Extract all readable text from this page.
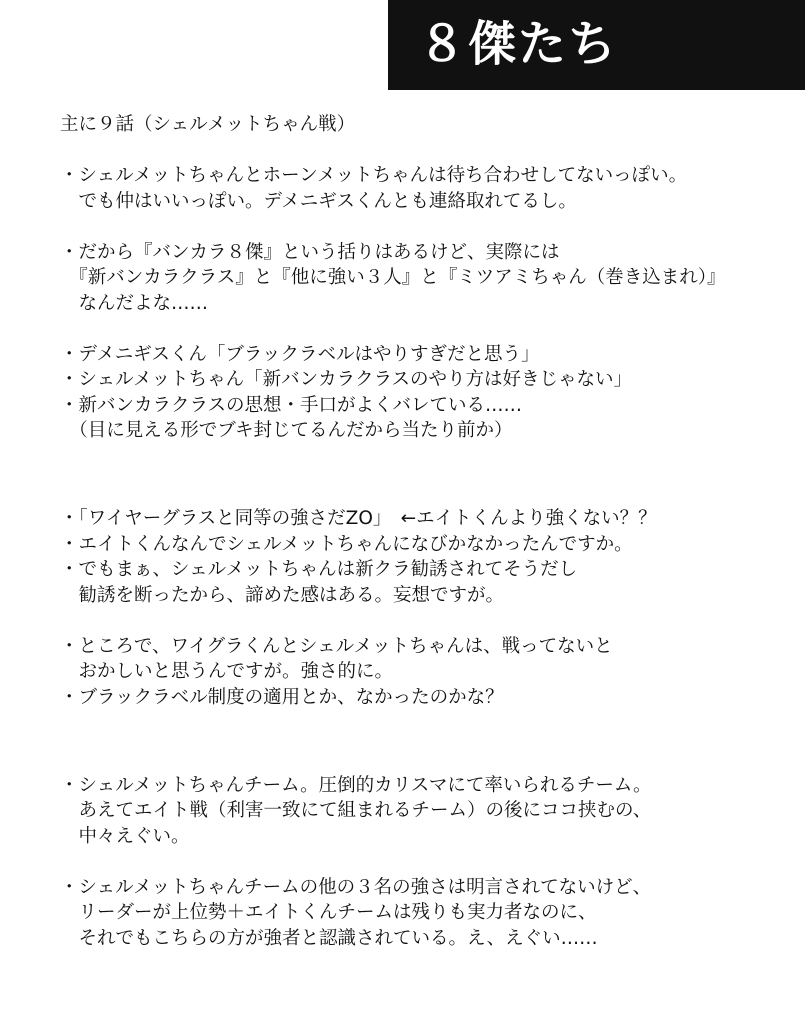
８傑たち
主に９話（シェルメットちゃん戦）
・シェルメットちゃんとホーンメットちゃんは待ち合わせしてないっぽい。
　でも仲はいいっぽい。デメニギスくんとも連絡取れてるし。
・だから『バンカラ８傑』という括りはあるけど、実際には
　『新バンカラクラス』と『他に強い３人』と『ミツアミちゃん（巻き込まれ）』
　なんだよな……
・デメニギスくん「ブラックラベルはやりすぎだと思う」
・シェルメットちゃん「新バンカラクラスのやり方は好きじゃない」
・新バンカラクラスの思想・手口がよくバレている……
　（目に見える形でブキ封じてるんだから当たり前か）
・「ワイヤーグラスと同等の強さだZO」　←エイトくんより強くない？？
・エイトくんなんでシェルメットちゃんになびかなかったんですか。
・でもまぁ、シェルメットちゃんは新クラ勧誘されてそうだし
　勧誘を断ったから、諦めた感はある。妄想ですが。
・ところで、ワイグラくんとシェルメットちゃんは、戦ってないと
　おかしいと思うんですが。強さ的に。
・ブラックラベル制度の適用とか、なかったのかな？
・シェルメットちゃんチーム。圧倒的カリスマにて率いられるチーム。
　あえてエイト戦（利害一致にて組まれるチーム）の後にココ挟むの、
　中々えぐい。
・シェルメットちゃんチームの他の３名の強さは明言されてないけど、
　リーダーが上位勢＋エイトくんチームは残りも実力者なのに、
　それでもこちらの方が強者と認識されている。え、えぐい……
